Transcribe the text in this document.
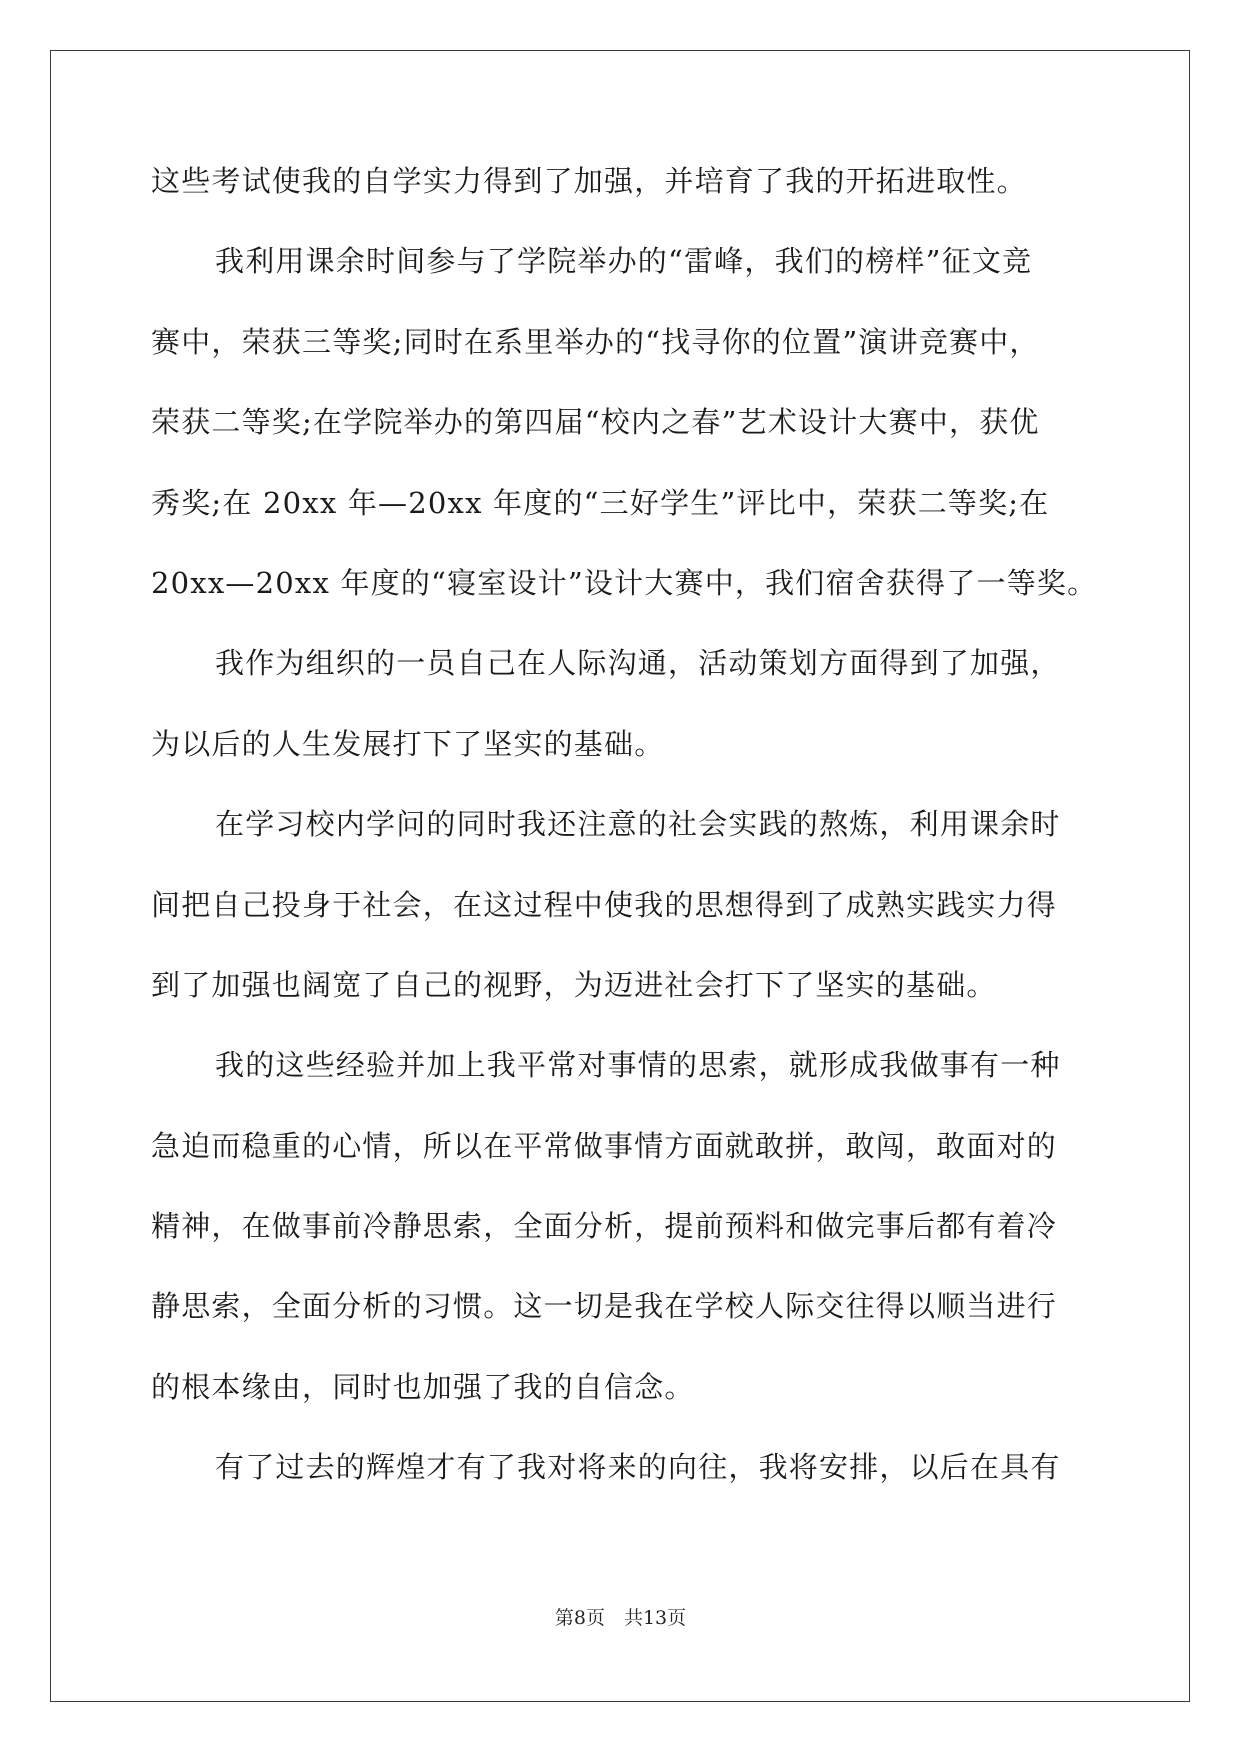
这些考试使我的自学实力得到了加强，并培育了我的开拓进取性。
我利用课余时间参与了学院举办的“雷峰，我们的榜样”征文竞
赛中，荣获三等奖;同时在系里举办的“找寻你的位置”演讲竞赛中，
荣获二等奖;在学院举办的第四届“校内之春”艺术设计大赛中，获优
秀奖;在 20xx 年—20xx 年度的“三好学生”评比中，荣获二等奖;在
20xx—20xx 年度的“寝室设计”设计大赛中，我们宿舍获得了一等奖。
我作为组织的一员自己在人际沟通，活动策划方面得到了加强，
为以后的人生发展打下了坚实的基础。
在学习校内学问的同时我还注意的社会实践的熬炼，利用课余时
间把自己投身于社会，在这过程中使我的思想得到了成熟实践实力得
到了加强也阔宽了自己的视野，为迈进社会打下了坚实的基础。
我的这些经验并加上我平常对事情的思索，就形成我做事有一种
急迫而稳重的心情，所以在平常做事情方面就敢拼，敢闯，敢面对的
精神，在做事前冷静思索，全面分析，提前预料和做完事后都有着冷
静思索，全面分析的习惯。这一切是我在学校人际交往得以顺当进行
的根本缘由，同时也加强了我的自信念。
有了过去的辉煌才有了我对将来的向往，我将安排，以后在具有
第8页　共13页
